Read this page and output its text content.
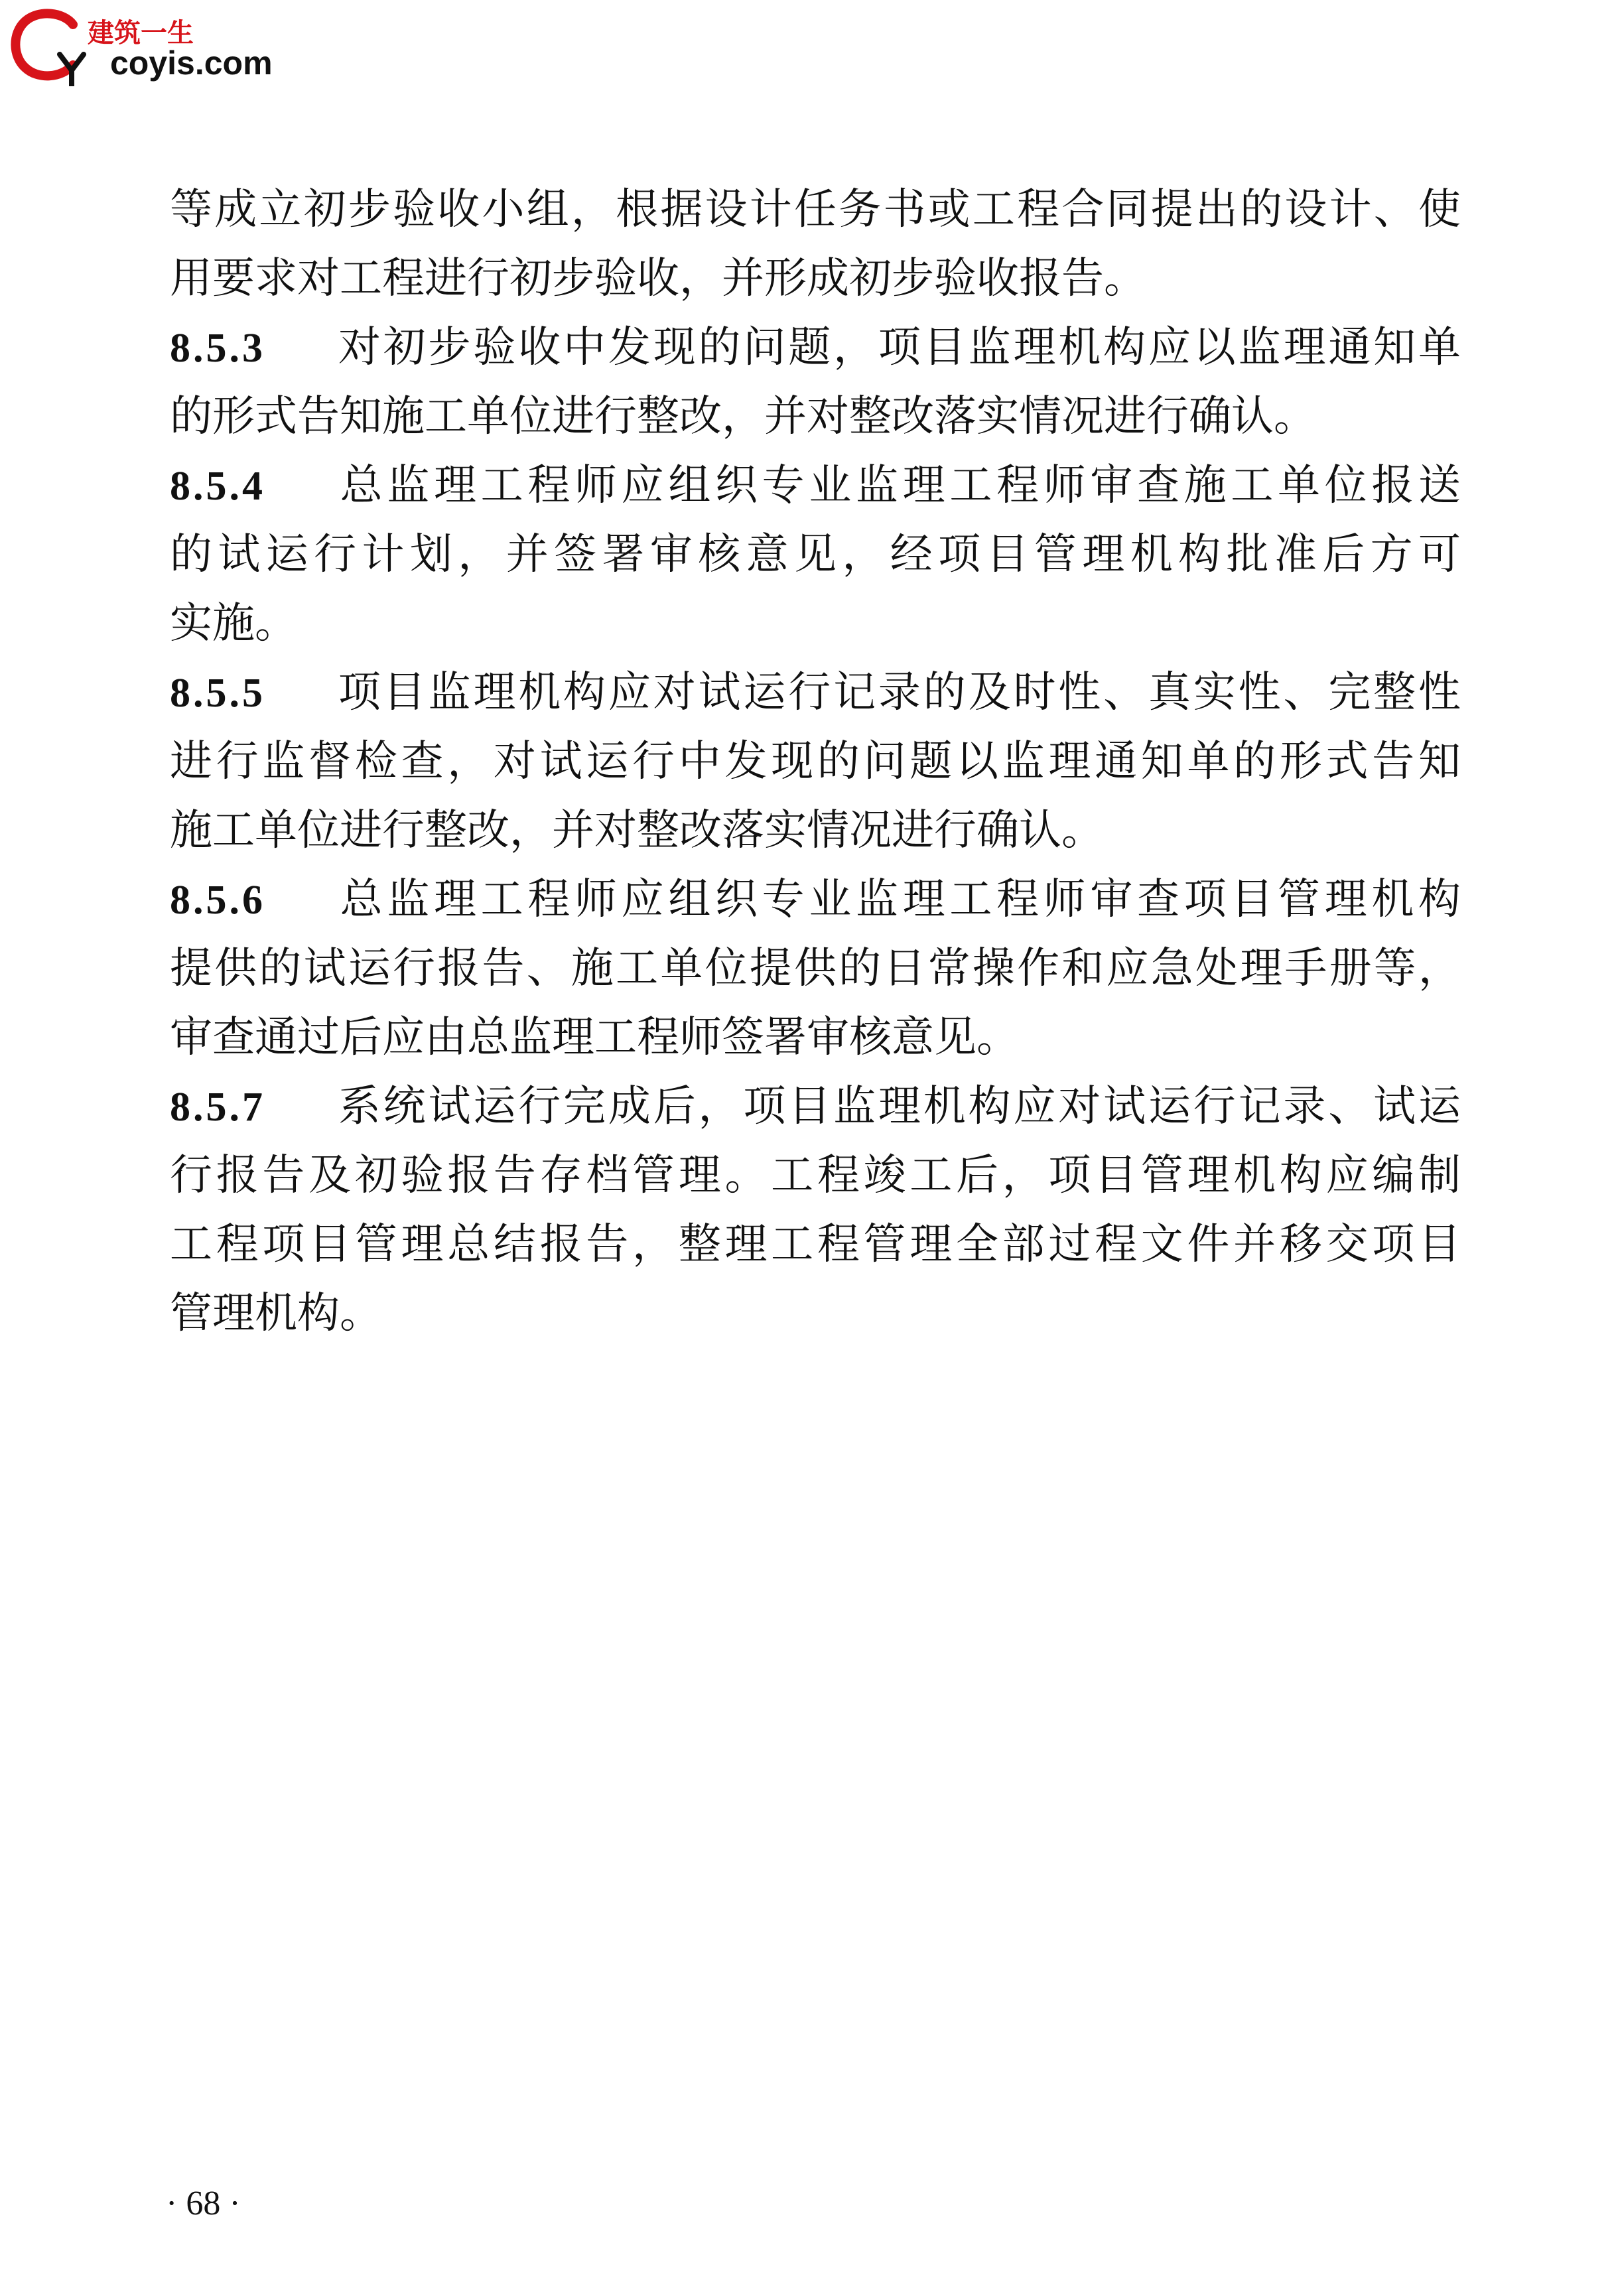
建筑一生
coyis.com
等成立初步验收小组，根据设计任务书或工程合同提出的设计、使
用要求对工程进行初步验收，并形成初步验收报告。
8.5.3 对初步验收中发现的问题，项目监理机构应以监理通知单
的形式告知施工单位进行整改，并对整改落实情况进行确认。
8.5.4 总监理工程师应组织专业监理工程师审查施工单位报送
的试运行计划，并签署审核意见，经项目管理机构批准后方可
实施。
8.5.5 项目监理机构应对试运行记录的及时性、真实性、完整性
进行监督检查，对试运行中发现的问题以监理通知单的形式告知
施工单位进行整改，并对整改落实情况进行确认。
8.5.6 总监理工程师应组织专业监理工程师审查项目管理机构
提供的试运行报告、施工单位提供的日常操作和应急处理手册等，
审查通过后应由总监理工程师签署审核意见。
8.5.7 系统试运行完成后，项目监理机构应对试运行记录、试运
行报告及初验报告存档管理。工程竣工后，项目管理机构应编制
工程项目管理总结报告，整理工程管理全部过程文件并移交项目
管理机构。
· 68 ·
